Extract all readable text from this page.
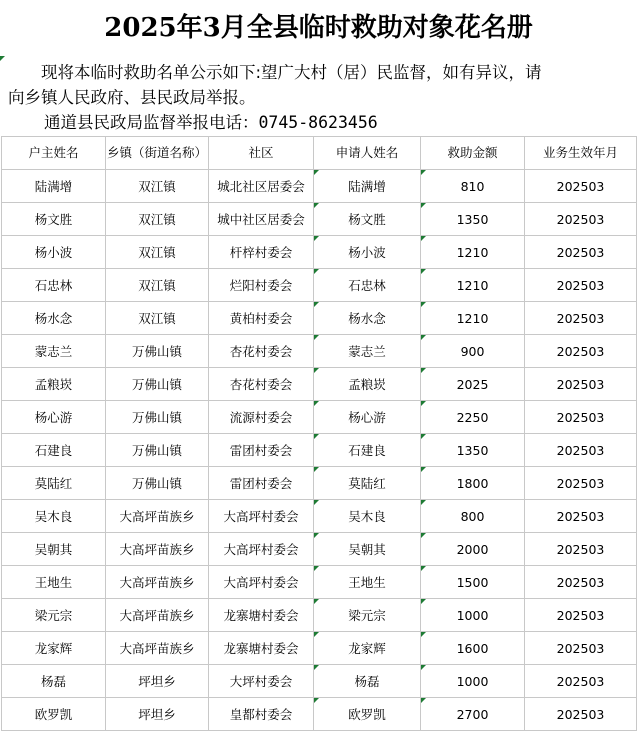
2025年3月全县临时救助对象花名册

现将本临时救助名单公示如下:望广大村（居）民监督，如有异议，请

向乡镇人民政府、县民政局举报。

通道县民政局监督举报电话：0745-8623456
户主姓名	乡镇（街道名称）	社区	申请人姓名	救助金额	业务生效年月
陆满增	双江镇	城北社区居委会	陆满增	810	202503
杨文胜	双江镇	城中社区居委会	杨文胜	1350	202503
杨小波	双江镇	杆梓村委会	杨小波	1210	202503
石忠林	双江镇	烂阳村委会	石忠林	1210	202503
杨水念	双江镇	黄柏村委会	杨水念	1210	202503
蒙志兰	万佛山镇	杏花村委会	蒙志兰	900	202503
孟粮崁	万佛山镇	杏花村委会	孟粮崁	2025	202503
杨心游	万佛山镇	流源村委会	杨心游	2250	202503
石建良	万佛山镇	雷团村委会	石建良	1350	202503
莫陆红	万佛山镇	雷团村委会	莫陆红	1800	202503
吴木良	大高坪苗族乡	大高坪村委会	吴木良	800	202503
吴朝其	大高坪苗族乡	大高坪村委会	吴朝其	2000	202503
王地生	大高坪苗族乡	大高坪村委会	王地生	1500	202503
梁元宗	大高坪苗族乡	龙寨塘村委会	梁元宗	1000	202503
龙家辉	大高坪苗族乡	龙寨塘村委会	龙家辉	1600	202503
杨磊	坪坦乡	大坪村委会	杨磊	1000	202503
欧罗凯	坪坦乡	皇都村委会	欧罗凯	2700	202503
